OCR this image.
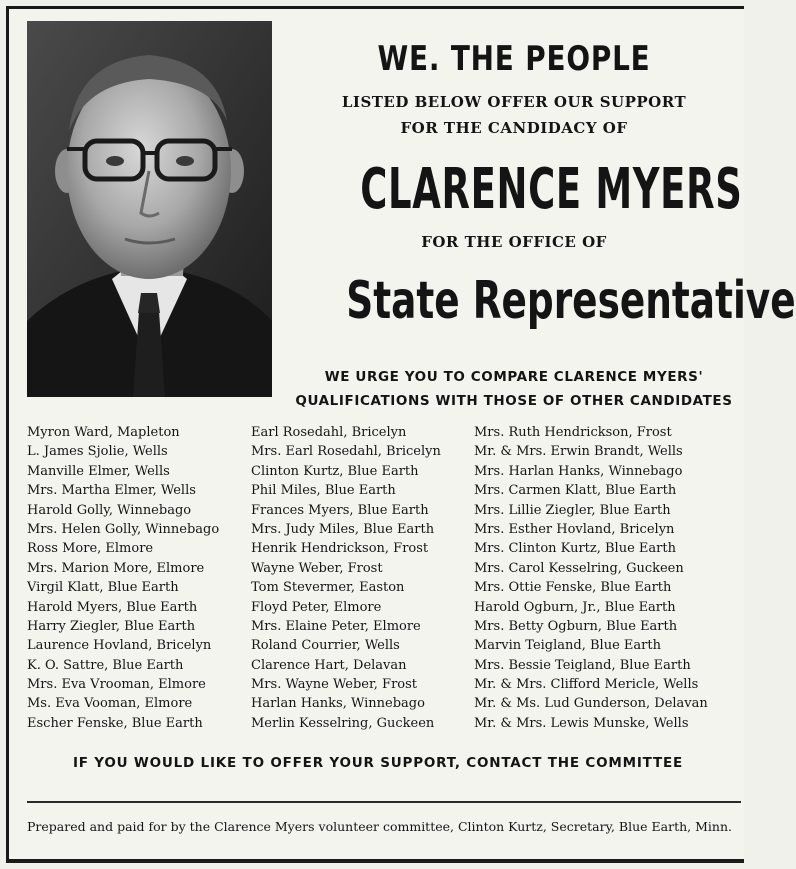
WE. THE PEOPLE
LISTED BELOW OFFER OUR SUPPORT
FOR THE CANDIDACY OF
CLARENCE MYERS
FOR THE OFFICE OF
State Representative
WE URGE YOU TO COMPARE CLARENCE MYERS'
QUALIFICATIONS WITH THOSE OF OTHER CANDIDATES
Myron Ward, Mapleton
L. James Sjolie, Wells
Manville Elmer, Wells
Mrs. Martha Elmer, Wells
Harold Golly, Winnebago
Mrs. Helen Golly, Winnebago
Ross More, Elmore
Mrs. Marion More, Elmore
Virgil Klatt, Blue Earth
Harold Myers, Blue Earth
Harry Ziegler, Blue Earth
Laurence Hovland, Bricelyn
K. O. Sattre, Blue Earth
Mrs. Eva Vrooman, Elmore
Ms. Eva Vooman, Elmore
Escher Fenske, Blue Earth
Earl Rosedahl, Bricelyn
Mrs. Earl Rosedahl, Bricelyn
Clinton Kurtz, Blue Earth
Phil Miles, Blue Earth
Frances Myers, Blue Earth
Mrs. Judy Miles, Blue Earth
Henrik Hendrickson, Frost
Wayne Weber, Frost
Tom Stevermer, Easton
Floyd Peter, Elmore
Mrs. Elaine Peter, Elmore
Roland Courrier, Wells
Clarence Hart, Delavan
Mrs. Wayne Weber, Frost
Harlan Hanks, Winnebago
Merlin Kesselring, Guckeen
Mrs. Ruth Hendrickson, Frost
Mr. & Mrs. Erwin Brandt, Wells
Mrs. Harlan Hanks, Winnebago
Mrs. Carmen Klatt, Blue Earth
Mrs. Lillie Ziegler, Blue Earth
Mrs. Esther Hovland, Bricelyn
Mrs. Clinton Kurtz, Blue Earth
Mrs. Carol Kesselring, Guckeen
Mrs. Ottie Fenske, Blue Earth
Harold Ogburn, Jr., Blue Earth
Mrs. Betty Ogburn, Blue Earth
Marvin Teigland, Blue Earth
Mrs. Bessie Teigland, Blue Earth
Mr. & Mrs. Clifford Mericle, Wells
Mr. & Ms. Lud Gunderson, Delavan
Mr. & Mrs. Lewis Munske, Wells
IF YOU WOULD LIKE TO OFFER YOUR SUPPORT, CONTACT THE COMMITTEE
Prepared and paid for by the Clarence Myers volunteer committee, Clinton Kurtz, Secretary, Blue Earth, Minn.
